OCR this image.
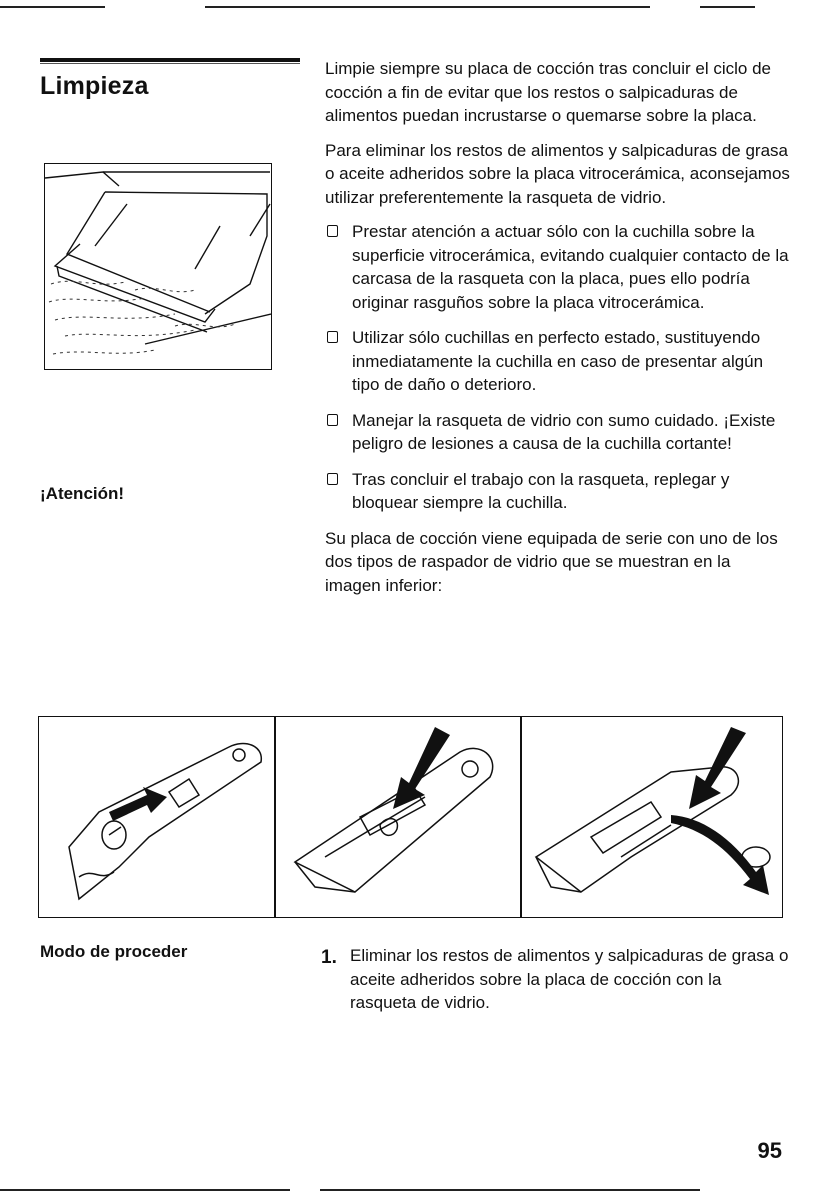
Limpieza

Limpie siempre su placa de cocción tras concluir el ciclo de cocción a fin de evitar que los restos o salpicaduras de alimentos puedan incrustarse o quemarse sobre la placa.

Para eliminar los restos de alimentos y salpicaduras de grasa o aceite adheridos sobre la placa vitrocerámica, aconsejamos utilizar preferentemente la rasqueta de vidrio.

Prestar atención a actuar sólo con la cuchilla sobre la superficie vitrocerámica, evitando cualquier contacto de la carcasa de la rasqueta con la placa, pues ello podría originar rasguños sobre la placa vitrocerámica.
Utilizar sólo cuchillas en perfecto estado, sustituyendo inmediatamente la cuchilla en caso de presentar algún tipo de daño o deterioro.
Manejar la rasqueta de vidrio con sumo cuidado. ¡Existe peligro de lesiones a causa de la cuchilla cortante!
Tras concluir el trabajo con la rasqueta, replegar y bloquear siempre la cuchilla.

Su placa de cocción viene equipada de serie con uno de los dos tipos de raspador de vidrio que se muestran en la imagen inferior:

¡Atención!
Modo de proceder	1. Eliminar los restos de alimentos y salpicaduras de grasa o aceite adheridos sobre la placa de cocción con la rasqueta de vidrio.
95
